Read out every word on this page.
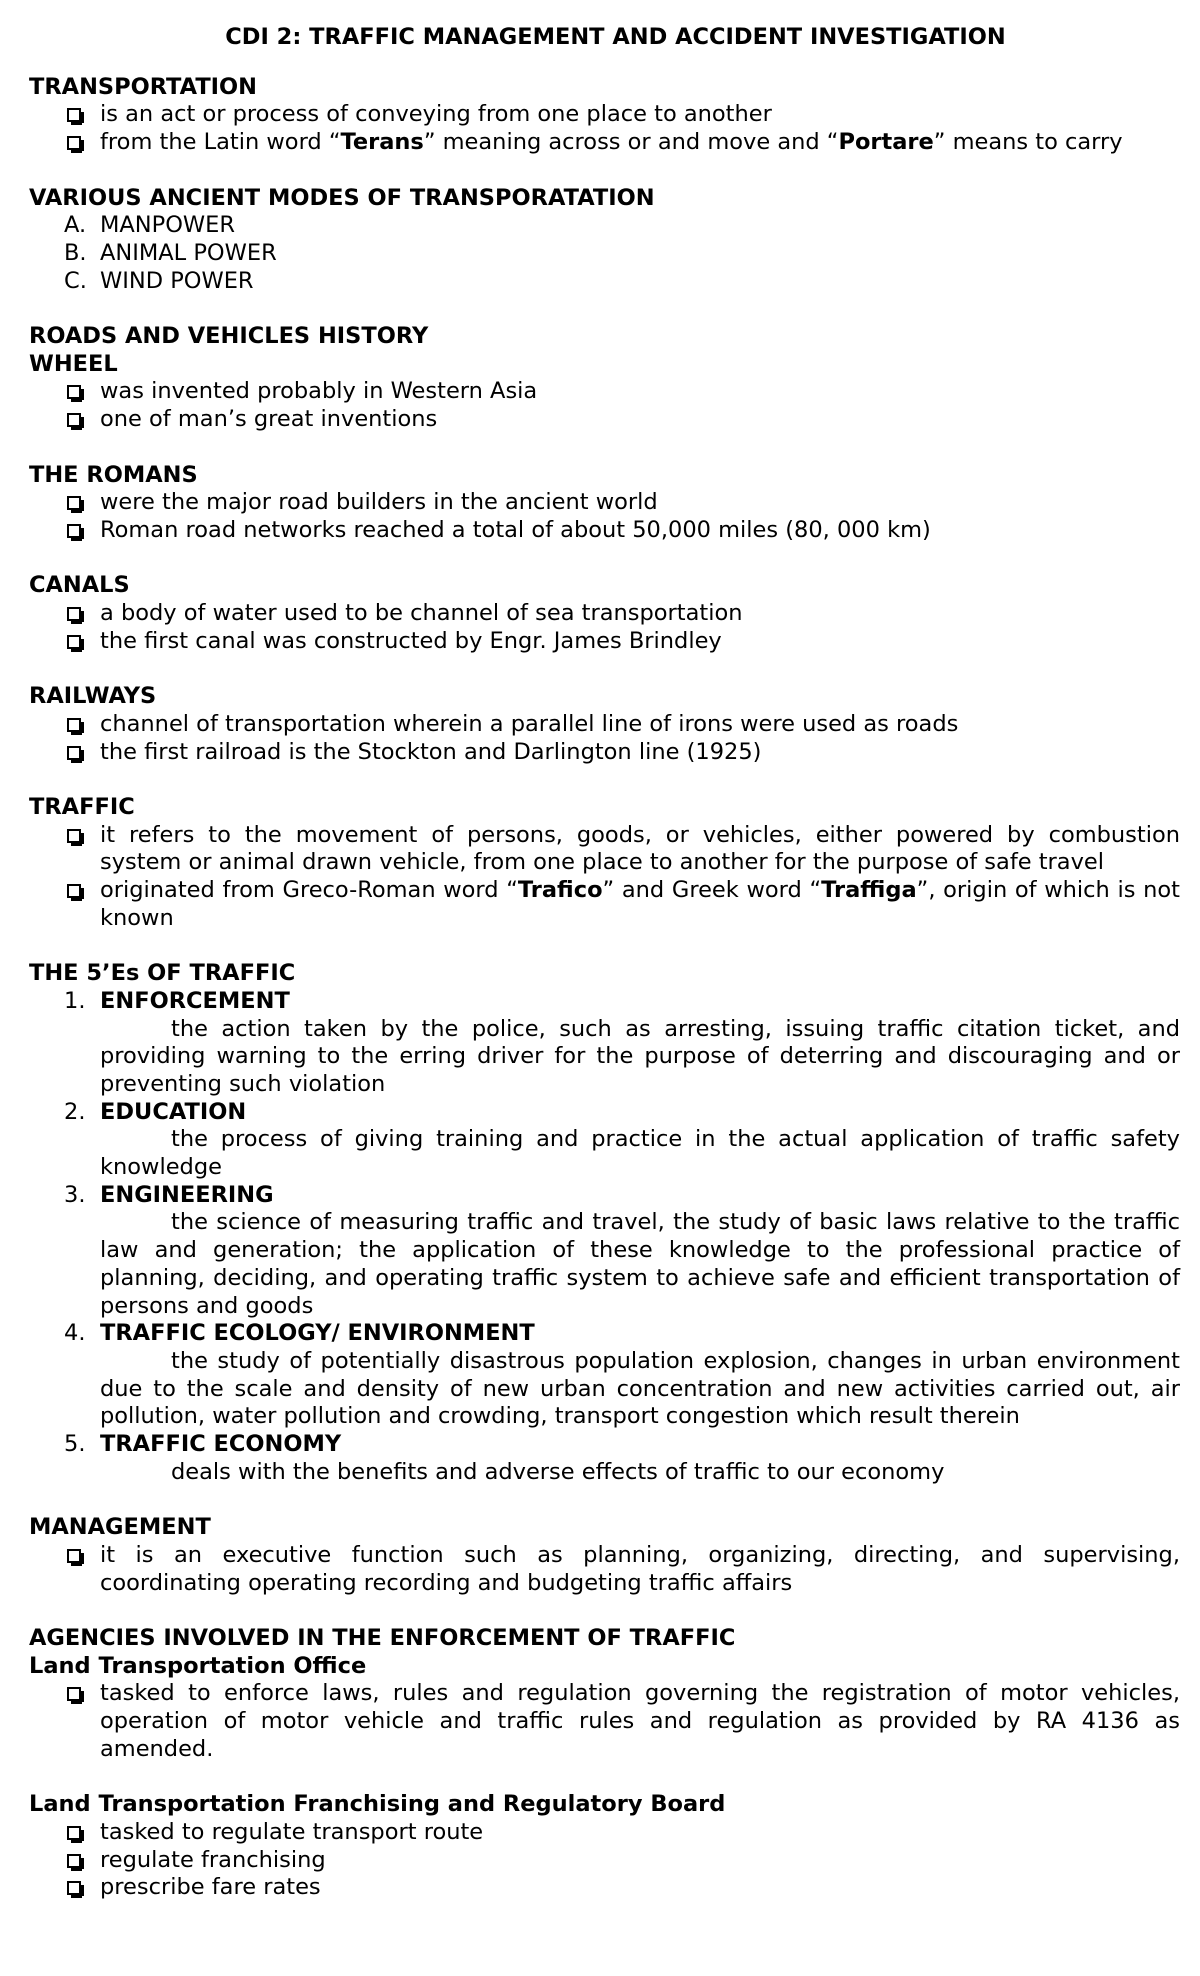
CDI 2: TRAFFIC MANAGEMENT AND ACCIDENT INVESTIGATION
TRANSPORTATION
is an act or process of conveying from one place to another
from the Latin word “Terans” meaning across or and move and “Portare” means to carry
VARIOUS ANCIENT MODES OF TRANSPORATATION
A. MANPOWER
B. ANIMAL POWER
C. WIND POWER
ROADS AND VEHICLES HISTORY
WHEEL
was invented probably in Western Asia
one of man’s great inventions
THE ROMANS
were the major road builders in the ancient world
Roman road networks reached a total of about 50,000 miles (80, 000 km)
CANALS
a body of water used to be channel of sea transportation
the first canal was constructed by Engr. James Brindley
RAILWAYS
channel of transportation wherein a parallel line of irons were used as roads
the first railroad is the Stockton and Darlington line (1925)
TRAFFIC
it refers to the movement of persons, goods, or vehicles, either powered by combustion system or animal drawn vehicle, from one place to another for the purpose of safe travel
originated from Greco-Roman word “Trafico” and Greek word “Traffiga”, origin of which is not known
THE 5’Es OF TRAFFIC
1. ENFORCEMENT

the action taken by the police, such as arresting, issuing traffic citation ticket, and providing warning to the erring driver for the purpose of deterring and discouraging and or preventing such violation

2. EDUCATION

the process of giving training and practice in the actual application of traffic safety knowledge

3. ENGINEERING

the science of measuring traffic and travel, the study of basic laws relative to the traffic law and generation; the application of these knowledge to the professional practice of planning, deciding, and operating traffic system to achieve safe and efficient transportation of persons and goods

4. TRAFFIC ECOLOGY/ ENVIRONMENT

the study of potentially disastrous population explosion, changes in urban environment due to the scale and density of new urban concentration and new activities carried out, air pollution, water pollution and crowding, transport congestion which result therein

5. TRAFFIC ECONOMY

deals with the benefits and adverse effects of traffic to our economy

MANAGEMENT
it is an executive function such as planning, organizing, directing, and supervising, coordinating operating recording and budgeting traffic affairs
AGENCIES INVOLVED IN THE ENFORCEMENT OF TRAFFIC
Land Transportation Office
tasked to enforce laws, rules and regulation governing the registration of motor vehicles, operation of motor vehicle and traffic rules and regulation as provided by RA 4136 as amended.
Land Transportation Franchising and Regulatory Board
tasked to regulate transport route
regulate franchising
prescribe fare rates
